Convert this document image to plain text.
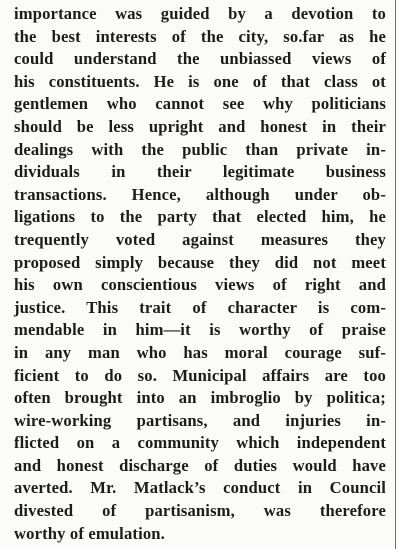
importance was guided by a devotion to
the best interests of the city, so.far as he
could understand the unbiassed views of
his constituents. He is one of that class ot
gentlemen who cannot see why politicians
should be less upright and honest in their
dealings with the public than private in-
dividuals in their legitimate business
transactions. Hence, although under ob-
ligations to the party that elected him, he
trequently voted against measures they
proposed simply because they did not meet
his own conscientious views of right and
justice. This trait of character is com-
mendable in him—it is worthy of praise
in any man who has moral courage suf-
ficient to do so. Municipal affairs are too
often brought into an imbroglio by politica;
wire-working partisans, and injuries in-
flicted on a community which independent
and honest discharge of duties would have
averted. Mr. Matlack’s conduct in Council
divested of partisanism, was therefore
worthy of emulation.
